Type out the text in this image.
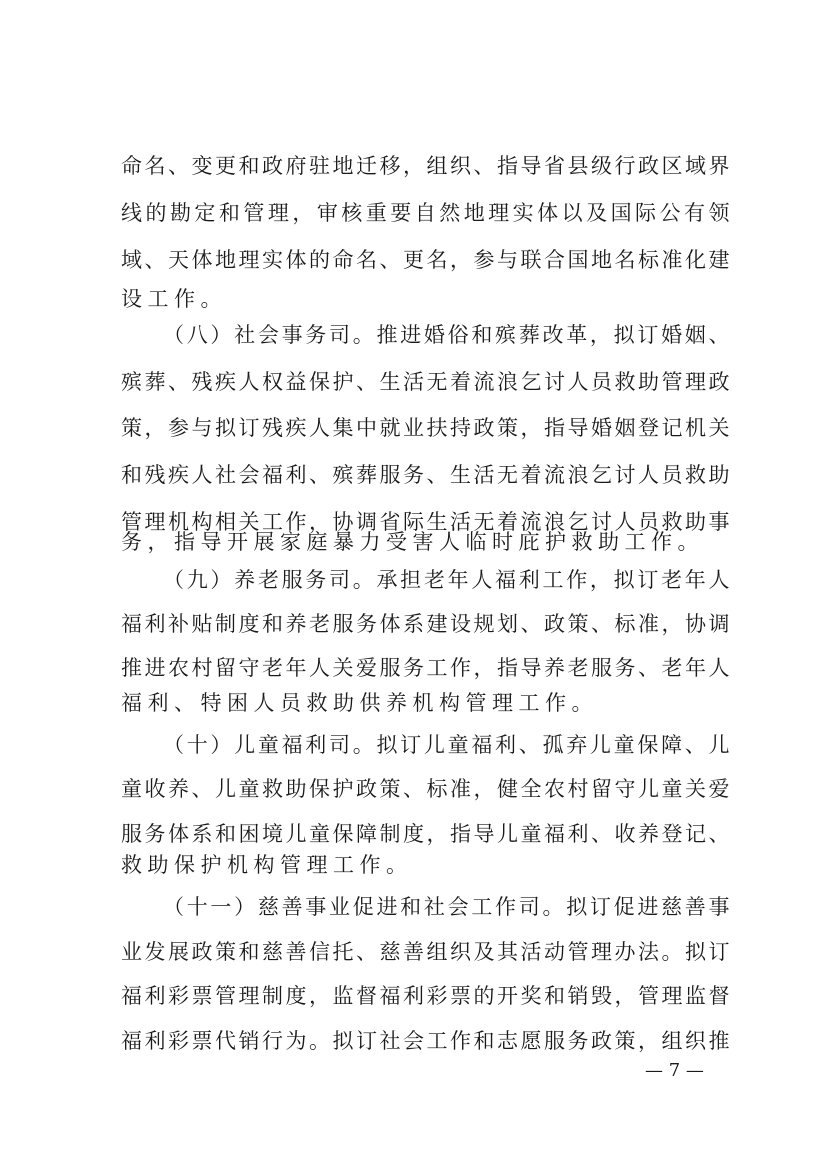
命名、变更和政府驻地迁移，组织、指导省县级行政区域界
线的勘定和管理，审核重要自然地理实体以及国际公有领
域、天体地理实体的命名、更名，参与联合国地名标准化建
设工作。
（八）社会事务司。推进婚俗和殡葬改革，拟订婚姻、
殡葬、残疾人权益保护、生活无着流浪乞讨人员救助管理政
策，参与拟订残疾人集中就业扶持政策，指导婚姻登记机关
和残疾人社会福利、殡葬服务、生活无着流浪乞讨人员救助
管理机构相关工作，协调省际生活无着流浪乞讨人员救助事
务，指导开展家庭暴力受害人临时庇护救助工作。
（九）养老服务司。承担老年人福利工作，拟订老年人
福利补贴制度和养老服务体系建设规划、政策、标准，协调
推进农村留守老年人关爱服务工作，指导养老服务、老年人
福利、特困人员救助供养机构管理工作。
（十）儿童福利司。拟订儿童福利、孤弃儿童保障、儿
童收养、儿童救助保护政策、标准，健全农村留守儿童关爱
服务体系和困境儿童保障制度，指导儿童福利、收养登记、
救助保护机构管理工作。
（十一）慈善事业促进和社会工作司。拟订促进慈善事
业发展政策和慈善信托、慈善组织及其活动管理办法。拟订
福利彩票管理制度，监督福利彩票的开奖和销毁，管理监督
福利彩票代销行为。拟订社会工作和志愿服务政策，组织推
— 7 —
